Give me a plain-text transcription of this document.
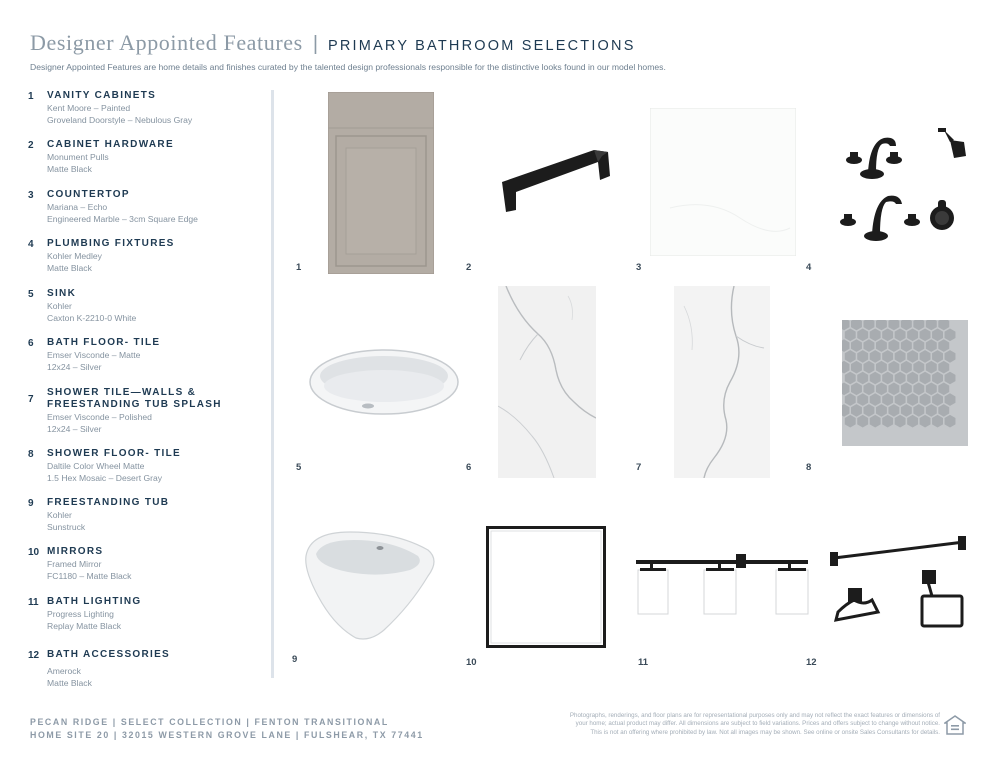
Designer Appointed Features | PRIMARY BATHROOM SELECTIONS
Designer Appointed Features are home details and finishes curated by the talented design professionals responsible for the distinctive looks found in our model homes.
1 VANITY CABINETS
Kent Moore – Painted
Groveland Doorstyle – Nebulous Gray
2 CABINET HARDWARE
Monument Pulls
Matte Black
3 COUNTERTOP
Mariana – Echo
Engineered Marble – 3cm Square Edge
4 PLUMBING FIXTURES
Kohler Medley
Matte Black
5 SINK
Kohler
Caxton K-2210-0 White
6 BATH FLOOR- TILE
Emser Visconde – Matte
12x24 – Silver
7
SHOWER TILE—WALLS & FREESTANDING TUB SPLASH
Emser Visconde – Polished
12x24 – Silver
8 SHOWER FLOOR- TILE
Daltile Color Wheel Matte
1.5 Hex Mosaic – Desert Gray
9 FREESTANDING TUB
Kohler
Sunstruck
10 MIRRORS
Framed Mirror
FC1180 – Matte Black
11 BATH LIGHTING
Progress Lighting
Replay Matte Black
12 BATH ACCESSORIES
Amerock
Matte Black
1	2	3	4
5	6	7	8
9	10	11	12
PECAN RIDGE | SELECT COLLECTION | FENTON TRANSITIONAL
HOME SITE 20 | 32015 WESTERN GROVE LANE | FULSHEAR, TX 77441
Photographs, renderings, and floor plans are for representational purposes only and may not reflect the exact features or dimensions of
your home; actual product may differ. All dimensions are subject to field variations. Prices and offers subject to change without notice.
This is not an offering where prohibited by law. Not all images may be shown. See online or onsite Sales Consultants for details.
